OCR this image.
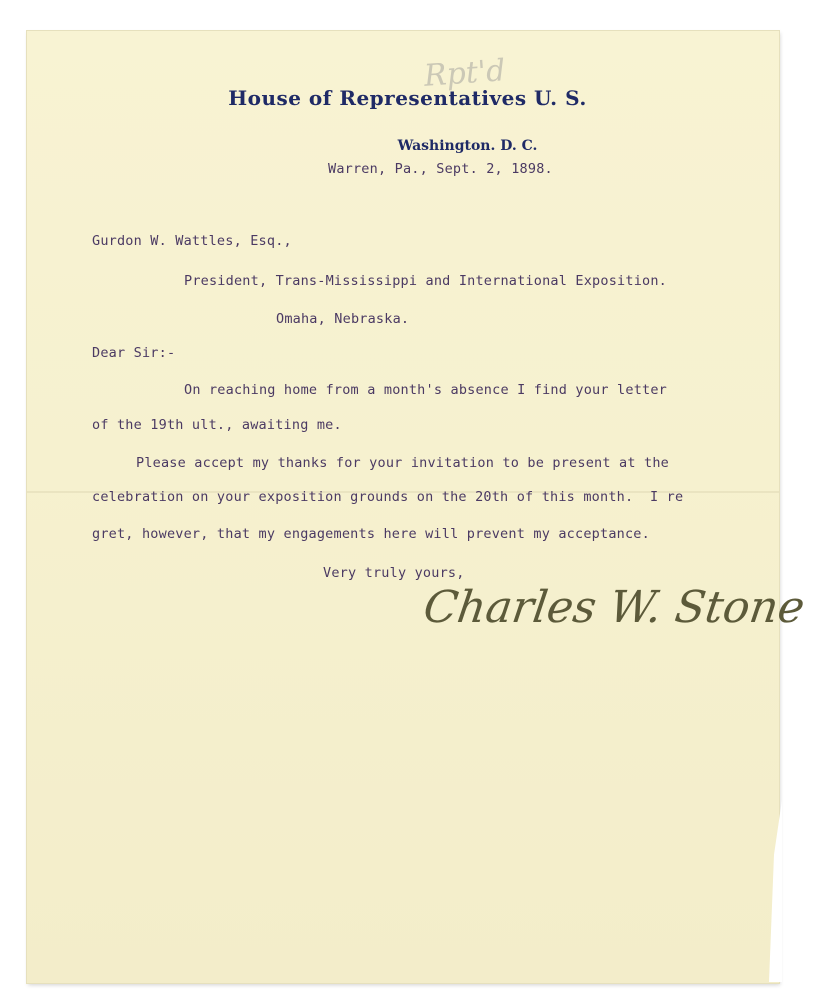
House of Representatives U. S.
Washington. D. C.
Rpt'd
Warren, Pa., Sept. 2, 1898.
Gurdon W. Wattles, Esq.,
President, Trans-Mississippi and International Exposition.
Omaha, Nebraska.
Dear Sir:-
On reaching home from a month's absence I find your letter
of the 19th ult., awaiting me.
Please accept my thanks for your invitation to be present at the
celebration on your exposition grounds on the 20th of this month.  I re
gret, however, that my engagements here will prevent my acceptance.
Very truly yours,
Charles W. Stone
